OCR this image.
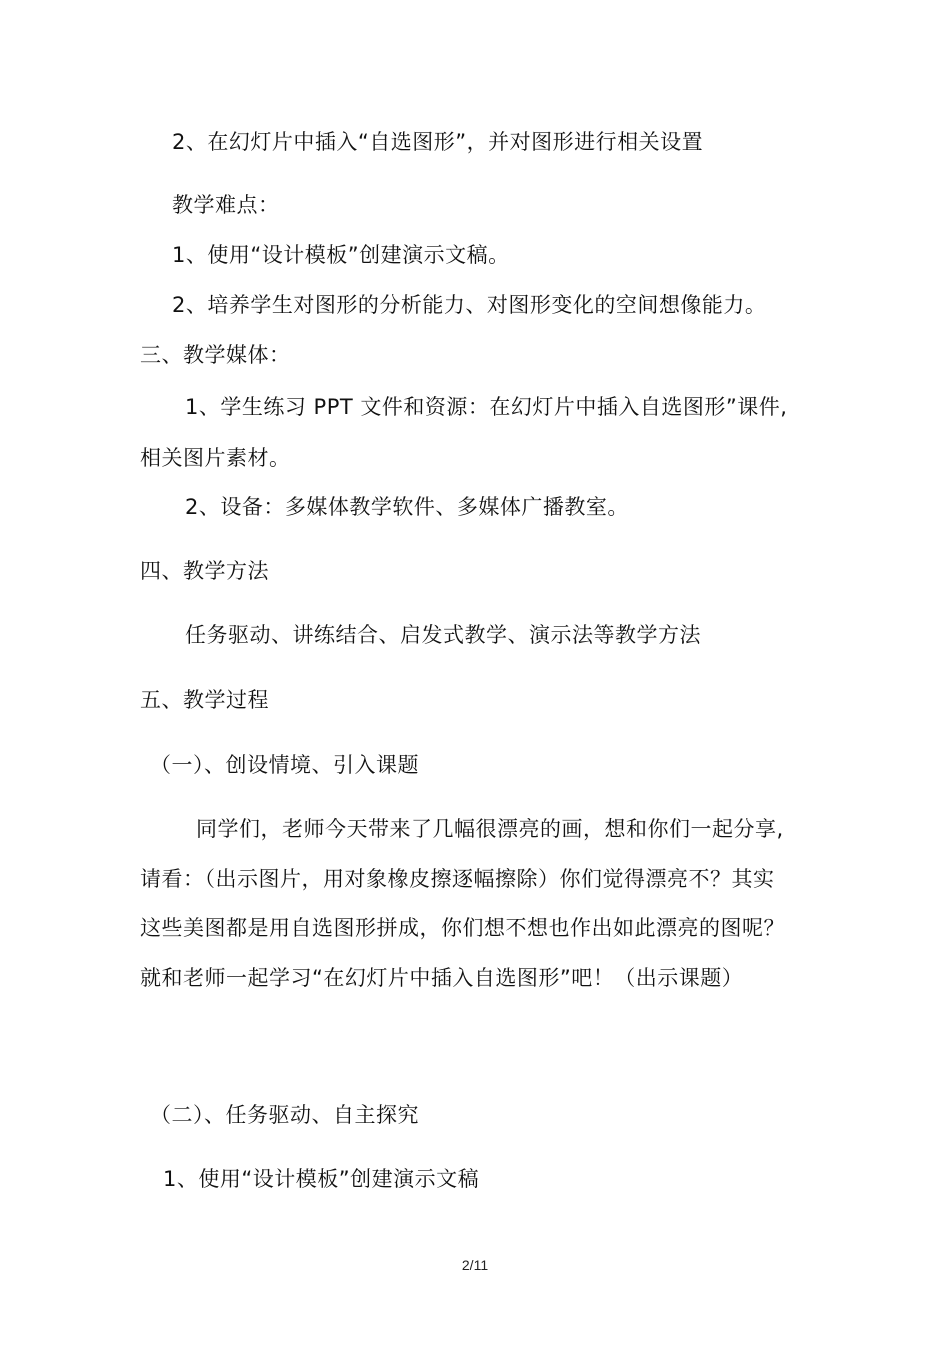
2、在幻灯片中插入“自选图形”，并对图形进行相关设置
教学难点：
1、使用“设计模板”创建演示文稿。
2、培养学生对图形的分析能力、对图形变化的空间想像能力。
三、教学媒体：
1、学生练习 PPT 文件和资源：在幻灯片中插入自选图形”课件,
相关图片素材。
2、设备：多媒体教学软件、多媒体广播教室。
四、教学方法
任务驱动、讲练结合、启发式教学、演示法等教学方法
五、教学过程
（一）、创设情境、引入课题
同学们，老师今天带来了几幅很漂亮的画，想和你们一起分享,
请看：（出示图片，用对象橡皮擦逐幅擦除）你们觉得漂亮不？其实
这些美图都是用自选图形拼成，你们想不想也作出如此漂亮的图呢？
就和老师一起学习“在幻灯片中插入自选图形”吧！（出示课题）
（二）、任务驱动、自主探究
1、使用“设计模板”创建演示文稿
2/11
